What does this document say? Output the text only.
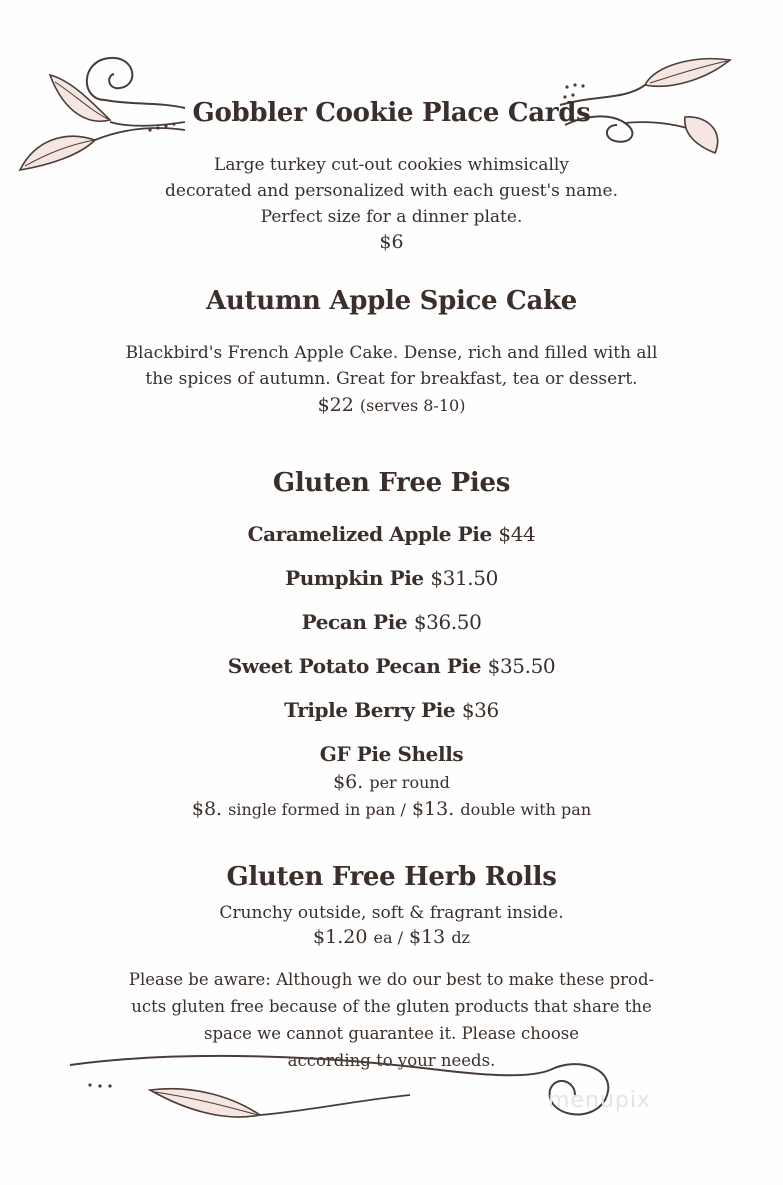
Gobbler Cookie Place Cards
Large turkey cut-out cookies whimsically
decorated and personalized with each guest's name.
Perfect size for a dinner plate.
$6
Autumn Apple Spice Cake
Blackbird's French Apple Cake. Dense, rich and filled with all
the spices of autumn. Great for breakfast, tea or dessert.
$22 (serves 8-10)
Gluten Free Pies
Caramelized Apple Pie $44
Pumpkin Pie $31.50
Pecan Pie $36.50
Sweet Potato Pecan Pie $35.50
Triple Berry Pie $36
GF Pie Shells
$6. per round
$8. single formed in pan / $13. double with pan
Gluten Free Herb Rolls
Crunchy outside, soft & fragrant inside.
$1.20 ea / $13 dz
Please be aware: Although we do our best to make these prod-
ucts gluten free because of the gluten products that share the
space we cannot guarantee it. Please choose
according to your needs.
menupix
